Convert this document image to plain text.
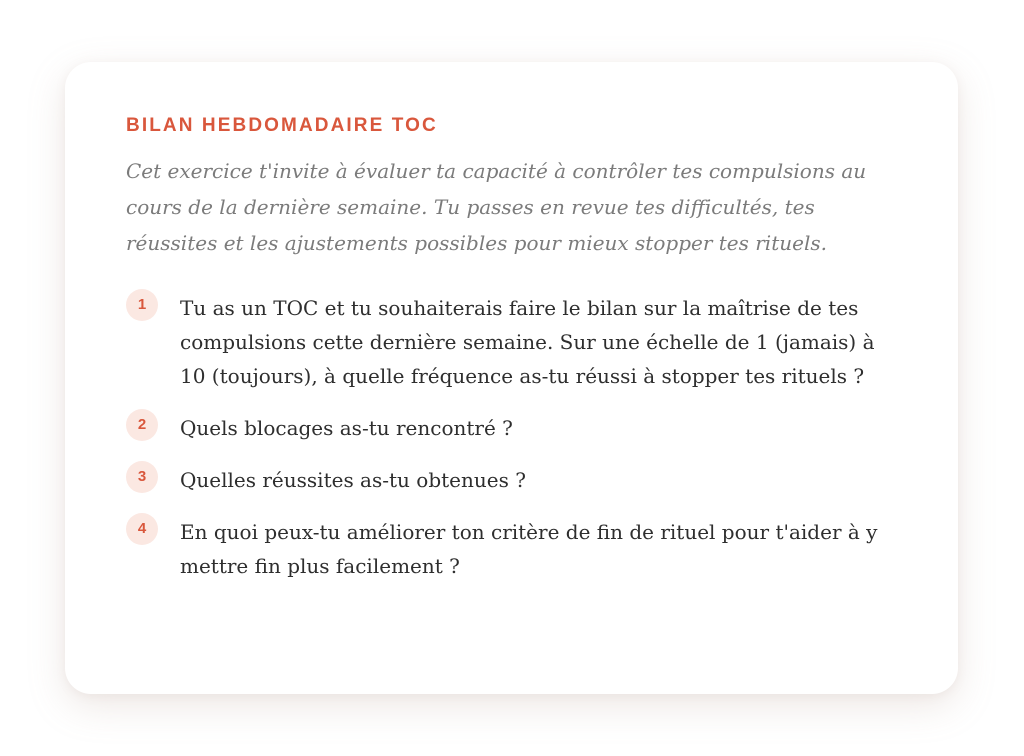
BILAN HEBDOMADAIRE TOC

Cet exercice t'invite à évaluer ta capacité à contrôler tes compulsions au cours de la dernière semaine. Tu passes en revue tes difficultés, tes réussites et les ajustements possibles pour mieux stopper tes rituels.

1	Tu as un TOC et tu souhaiterais faire le bilan sur la maîtrise de tes compulsions cette dernière semaine. Sur une échelle de 1 (jamais) à 10 (toujours), à quelle fréquence as-tu réussi à stopper tes rituels ?
2	Quels blocages as-tu rencontré ?
3	Quelles réussites as-tu obtenues ?
4	En quoi peux-tu améliorer ton critère de fin de rituel pour t'aider à y mettre fin plus facilement ?
